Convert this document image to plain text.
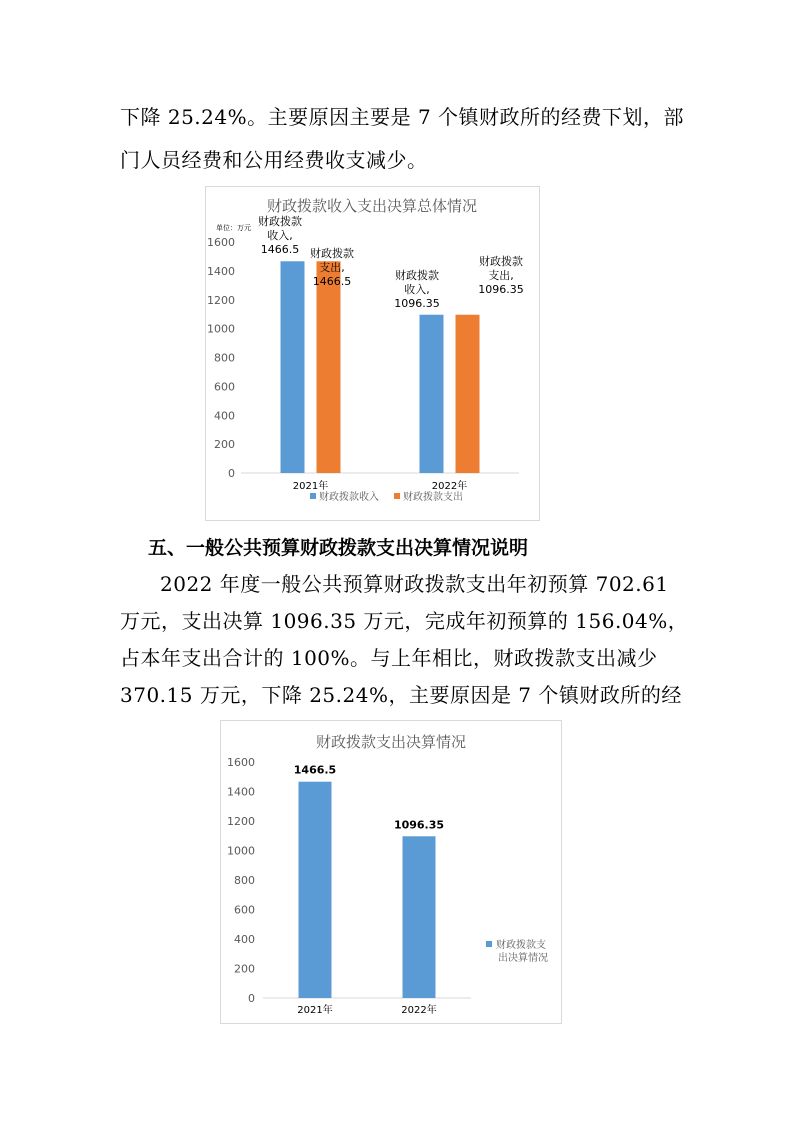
下降 25.24%。主要原因主要是 7 个镇财政所的经费下划，部
门人员经费和公用经费收支减少。
财政拨款收入支出决算总体情况
单位：万元
0
200
400
600
800
1000
1200
1400
1600
2021年	2022年
财政拨款
收入,
1466.5 财政拨款
支出,
1466.5	财政拨款
收入,
1096.35
财政拨款
支出,
1096.35
财政拨款收入 财政拨款支出
五、一般公共预算财政拨款支出决算情况说明
2022 年度一般公共预算财政拨款支出年初预算 702.61
万元，支出决算 1096.35 万元，完成年初预算的 156.04%，
占本年支出合计的 100%。与上年相比，财政拨款支出减少
370.15 万元，下降 25.24%，主要原因是 7 个镇财政所的经
财政拨款支出决算情况
0
200
400
600
800
1000
1200
1400
1600
1466.5
2021年
1096.35
2022年
财政拨款支
出决算情况
